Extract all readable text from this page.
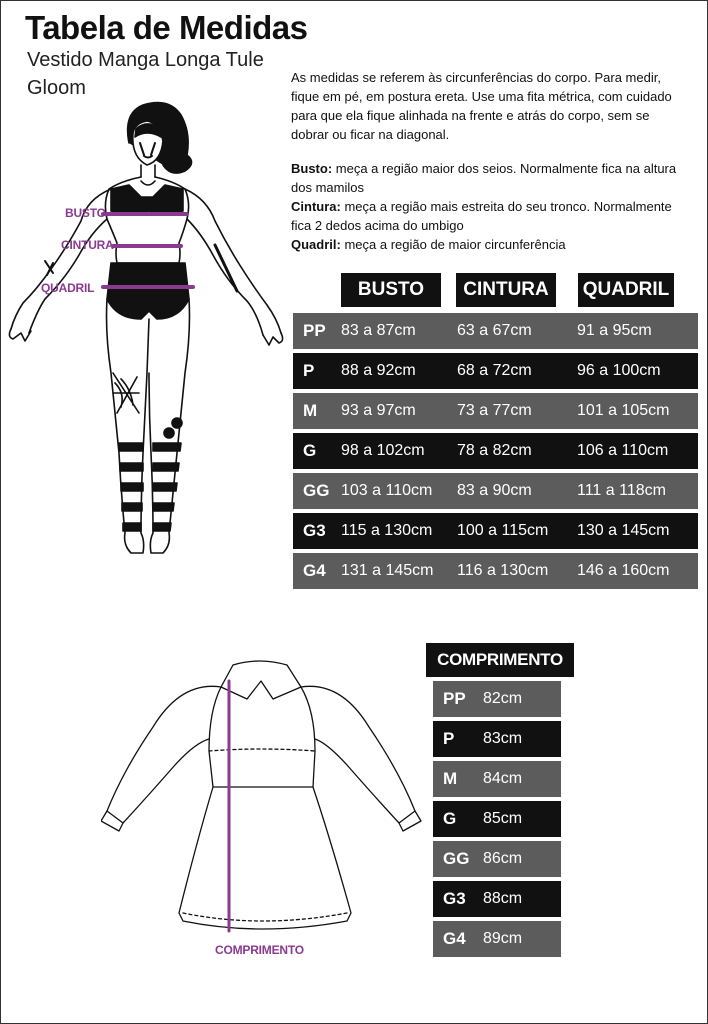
Tabela de Medidas
Vestido Manga Longa Tule
Gloom	As medidas se referem às circunferências do corpo. Para medir, fique em pé, em postura ereta. Use uma fita métrica, com cuidado para que ela fique alinhada na frente e atrás do corpo, sem se dobrar ou ficar na diagonal.

Busto: meça a região maior dos seios. Normalmente fica na altura dos mamilos

Cintura: meça a região mais estreita do seu tronco. Normalmente fica 2 dedos acima do umbigo

Quadril: meça a região de maior circunferência

BUSTO
CINTURA
QUADRIL	BUSTO	CINTURA	QUADRIL
PP 83 a 87cm	63 a 67cm	91 a 95cm
P 88 a 92cm	68 a 72cm	96 a 100cm
M 93 a 97cm	73 a 77cm	101 a 105cm
G 98 a 102cm 78 a 82cm	106 a 110cm
GG 103 a 110cm 83 a 90cm	111 a 118cm
G3 115 a 130cm 100 a 115cm 130 a 145cm
G4 131 a 145cm 116 a 130cm 146 a 160cm
COMPRIMENTO
COMPRIMENTO
PP 82cm
P 83cm
M 84cm
G 85cm
GG 86cm
G3 88cm
G4 89cm
